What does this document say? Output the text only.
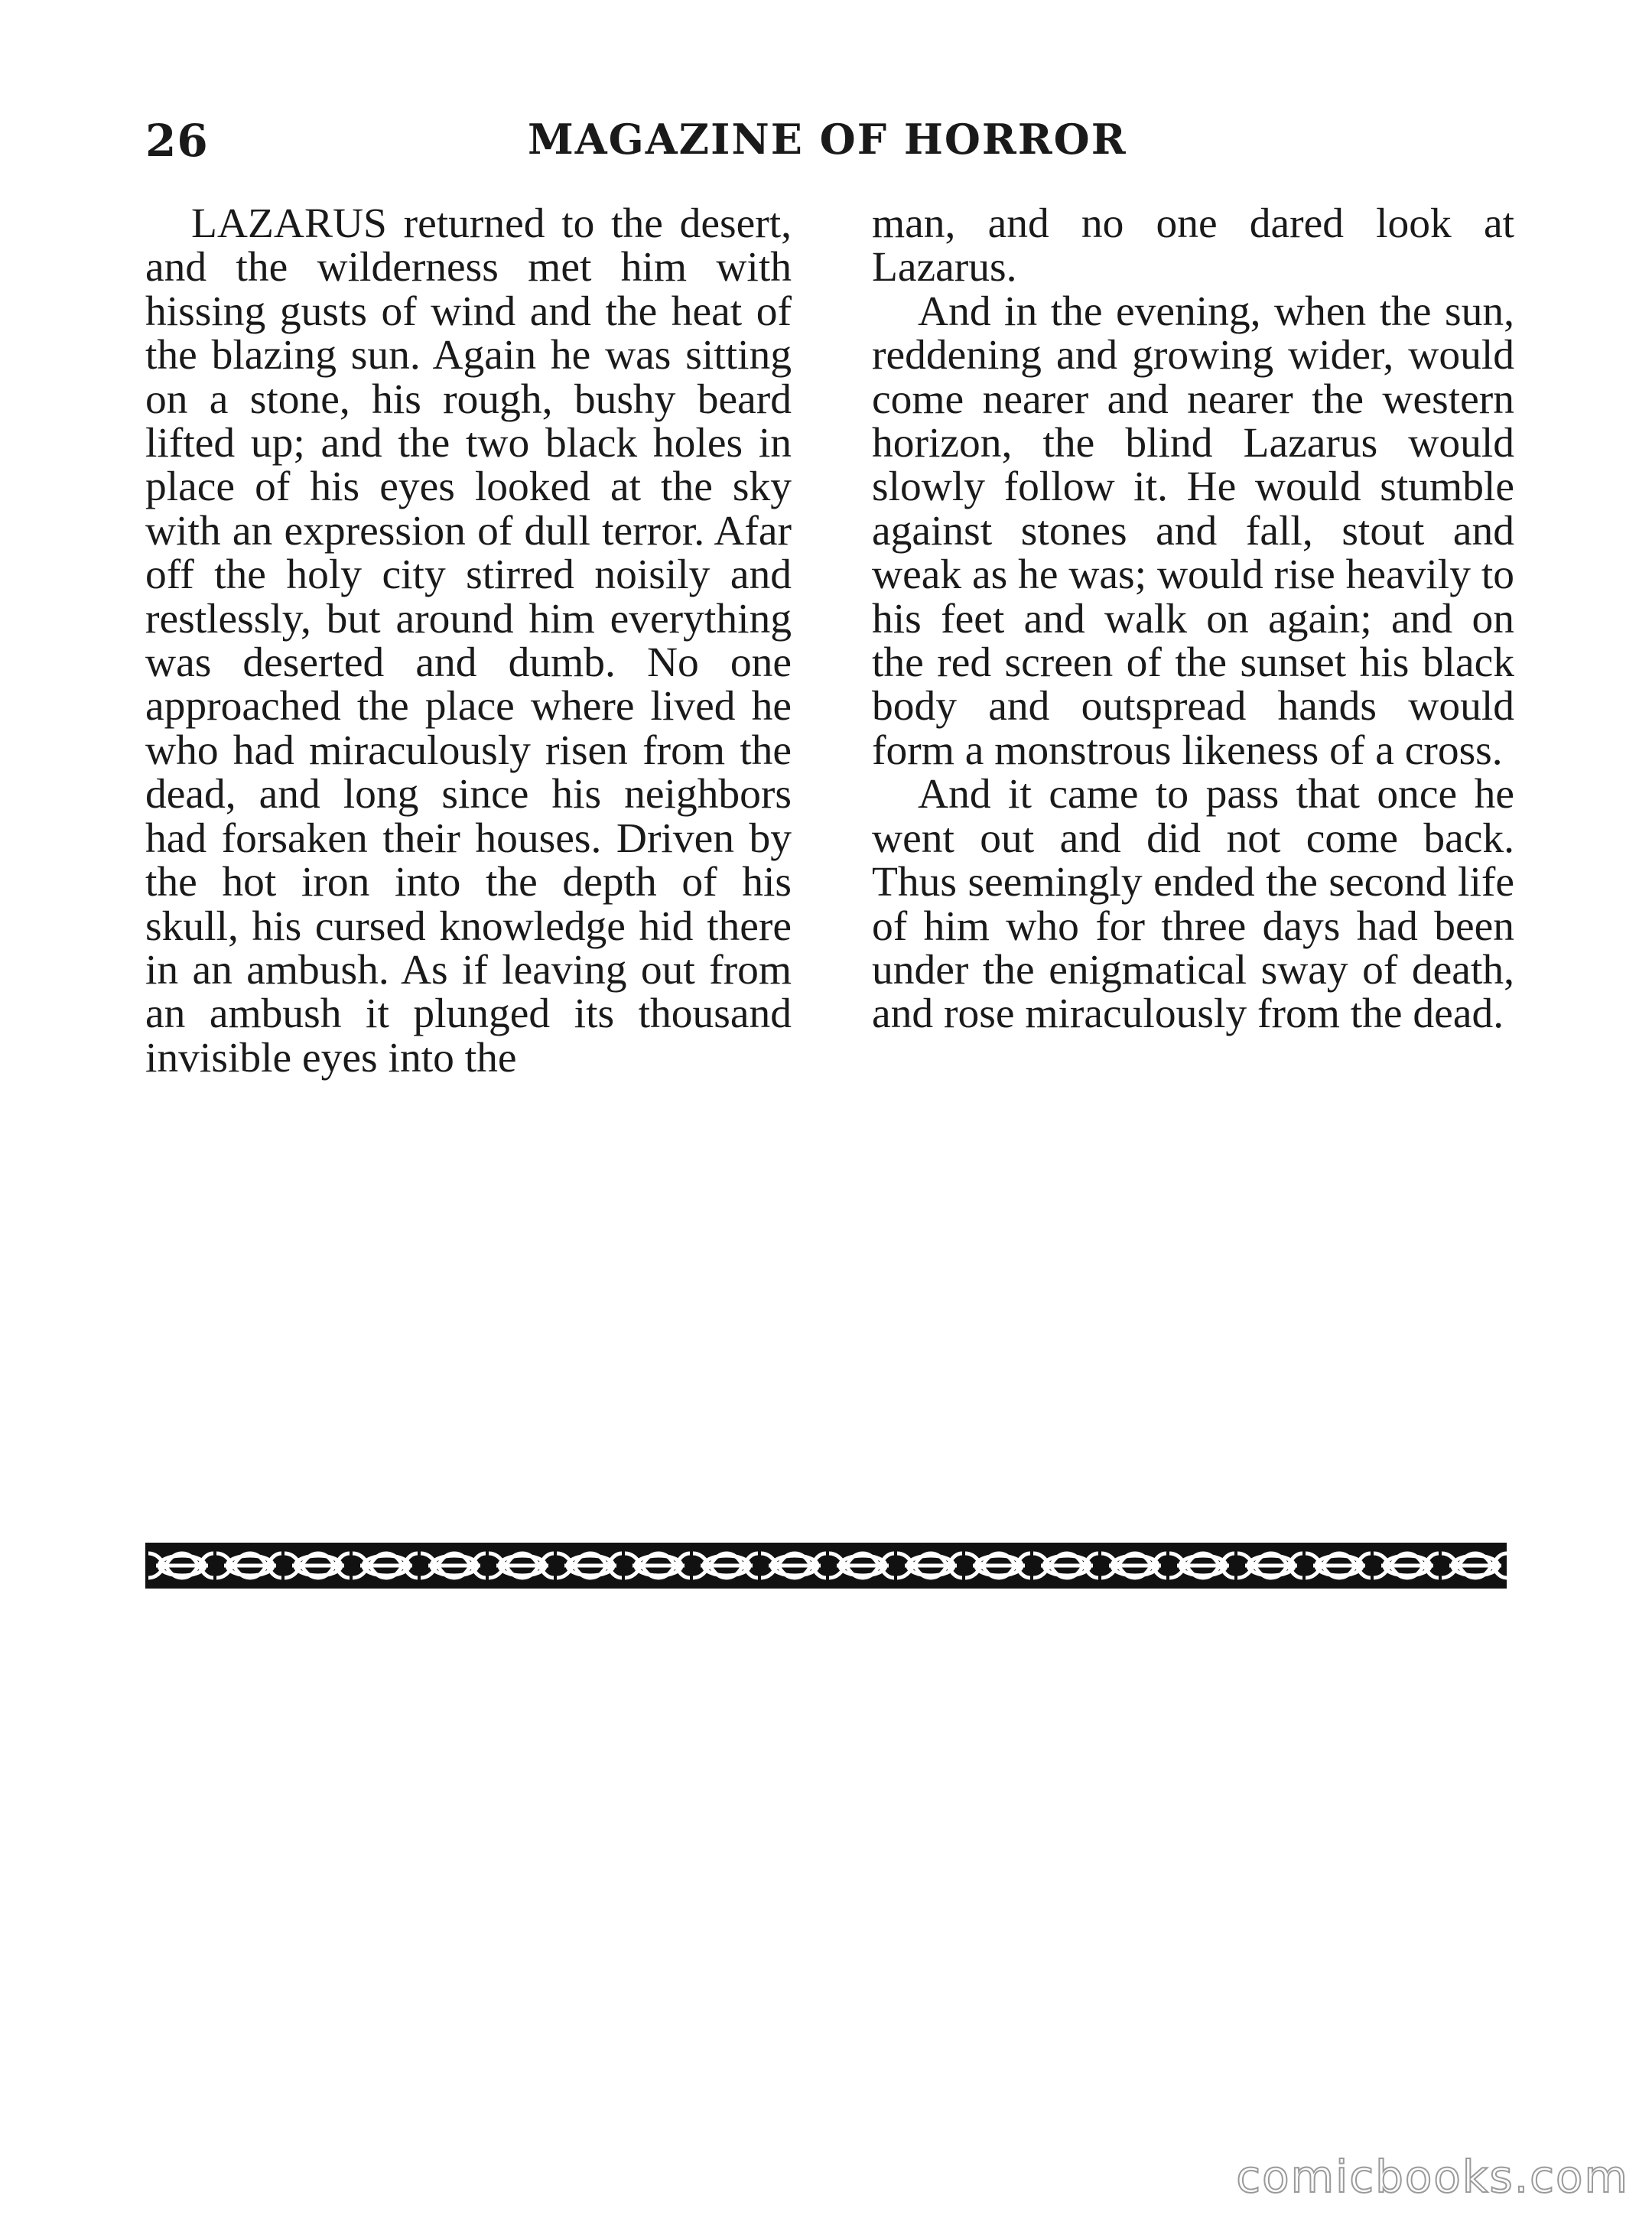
26	MAGAZINE OF HORROR

LAZARUS returned to the desert, and the wilderness met him with hissing gusts of wind and the heat of the blazing sun. Again he was sitting on a stone, his rough, bushy beard lifted up; and the two black holes in place of his eyes looked at the sky with an expression of dull terror. Afar off the holy city stirred noisily and restlessly, but around him everything was deserted and dumb. No one approached the place where lived he who had miraculously risen from the dead, and long since his neighbors had forsaken their houses. Driven by the hot iron into the depth of his skull, his cursed knowledge hid there in an ambush. As if leaving out from an ambush it plunged its thousand invisible eyes into the

man, and no one dared look at Lazarus.

And in the evening, when the sun, reddening and growing wider, would come nearer and nearer the western horizon, the blind Lazarus would slowly follow it. He would stumble against stones and fall, stout and weak as he was; would rise heavily to his feet and walk on again; and on the red screen of the sunset his black body and outspread hands would form a monstrous likeness of a cross.

And it came to pass that once he went out and did not come back. Thus seemingly ended the second life of him who for three days had been under the enigmatical sway of death, and rose miraculously from the dead.

comicbooks.com
